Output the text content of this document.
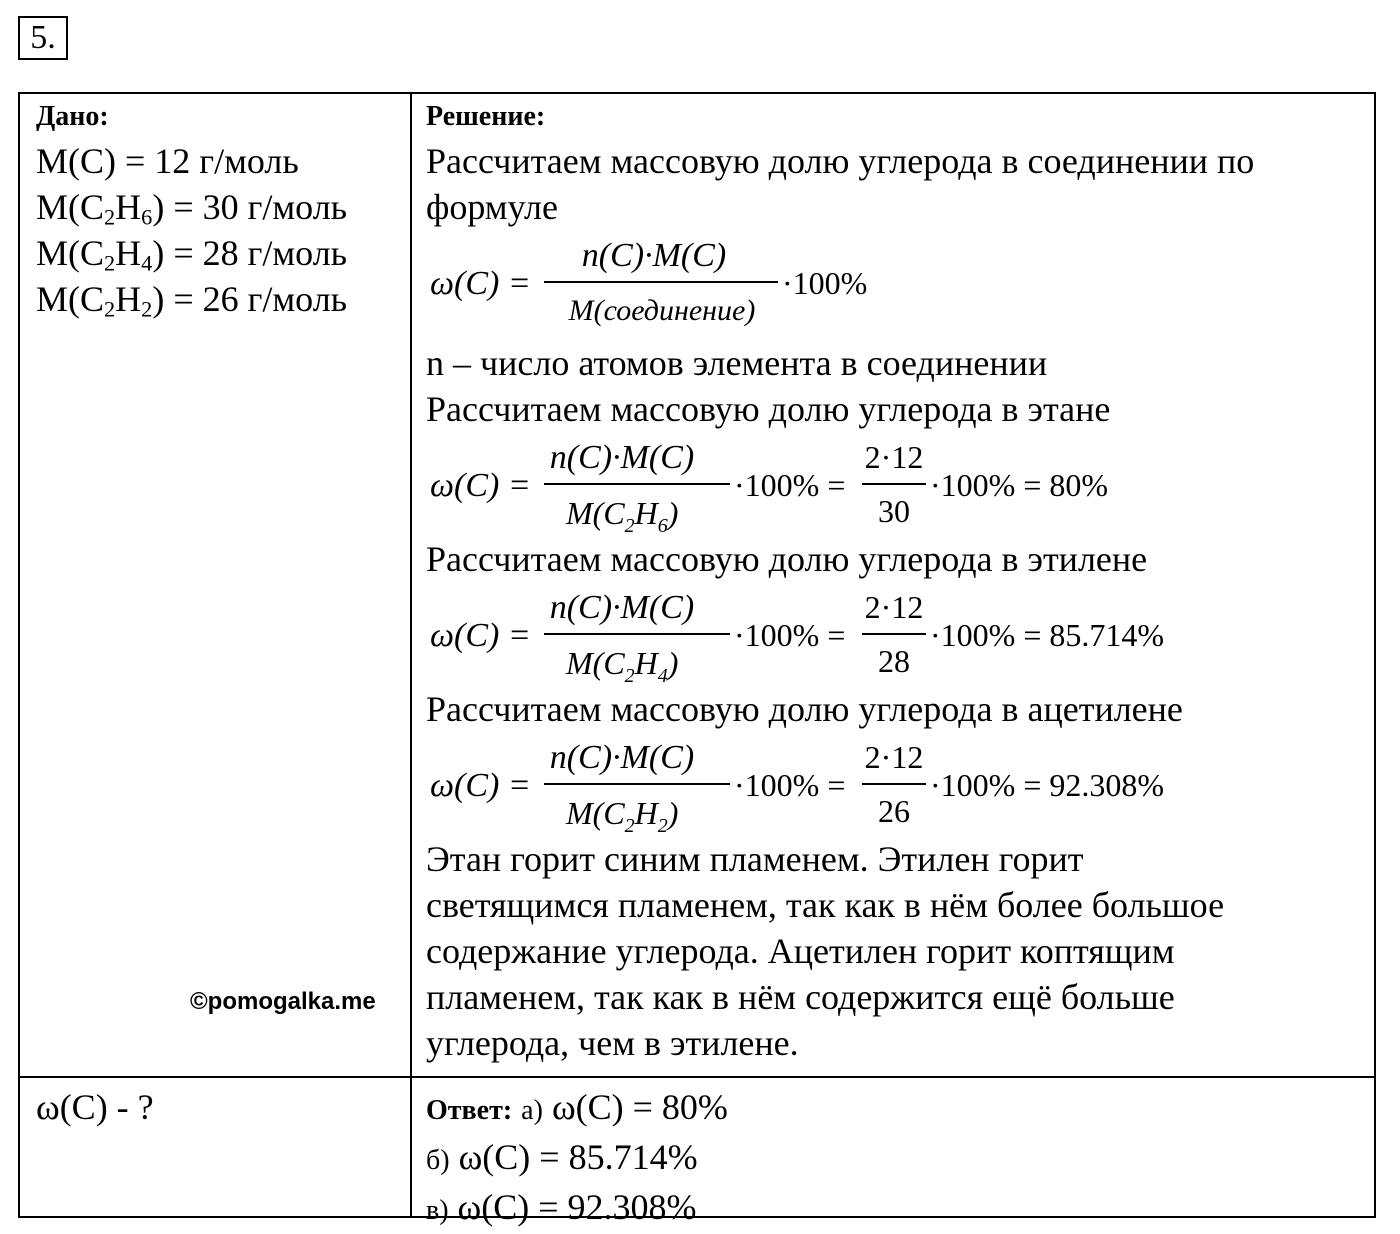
5.
Дано:
M(C) = 12 г/моль
$M(C_2H_6) = 30$ г/моль
$M(C_2H_4) = 28$ г/моль
$M(C_2H_2) = 26$ г/моль
Решение:
Рассчитаем массовую долю углерода в соединении по формуле
ω(C) =
n(C)·M(C)
M(соединение)
·100%
n – число атомов элемента в соединении
Рассчитаем массовую долю углерода в этане
ω(C) =
n(C)·M(C)
$M(C_2H_6)$
·100% =
2·12
30
·100% = 80%
Рассчитаем массовую долю углерода в этилене
ω(C) =
n(C)·M(C)
$M(C_2H_4)$
·100% =
2·12
28
·100% = 85.714%
Рассчитаем массовую долю углерода в ацетилене
ω(C) =
n(C)·M(C)
$M(C_2H_2)$
·100% =
2·12
26
·100% = 92.308%
Этан горит синим пламенем. Этилен горит
светящимся пламенем, так как в нём более большое
содержание углерода. Ацетилен горит коптящим
пламенем, так как в нём содержится ещё больше
углерода, чем в этилене.
ω(C) - ?	Ответ: а) ω(C) = 80%
б) ω(C) = 85.714%
в) ω(C) = 92.308%
©pomogalka.me
